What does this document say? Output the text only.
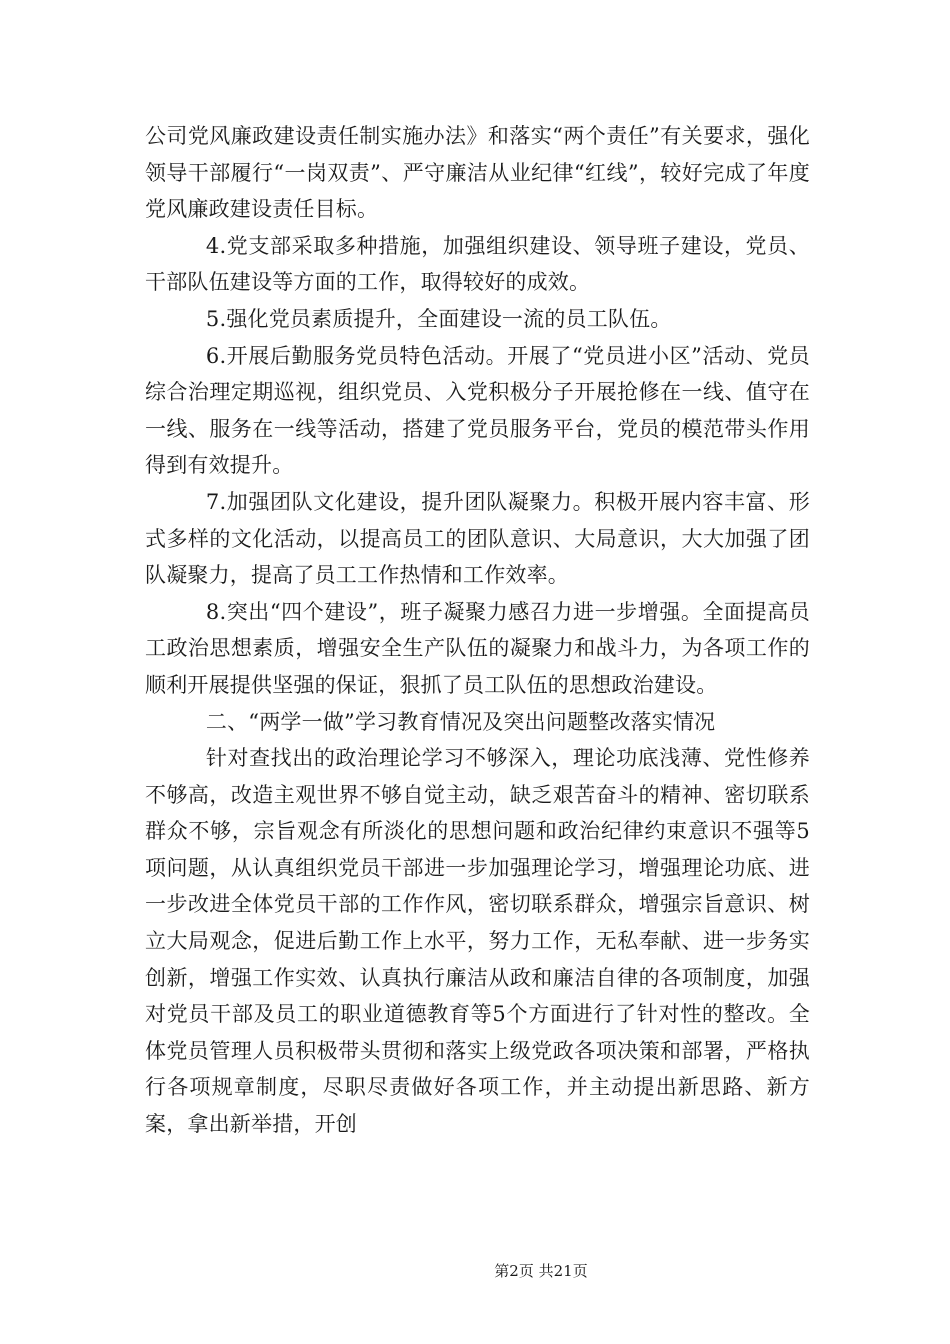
公司党风廉政建设责任制实施办法》和落实“两个责任”有关要求，强化领导干部履行“一岗双责”、严守廉洁从业纪律“红线”，较好完成了年度党风廉政建设责任目标。

4.党支部采取多种措施，加强组织建设、领导班子建设，党员、干部队伍建设等方面的工作，取得较好的成效。

5.强化党员素质提升，全面建设一流的员工队伍。

6.开展后勤服务党员特色活动。开展了“党员进小区”活动、党员综合治理定期巡视，组织党员、入党积极分子开展抢修在一线、值守在一线、服务在一线等活动，搭建了党员服务平台，党员的模范带头作用得到有效提升。

7.加强团队文化建设，提升团队凝聚力。积极开展内容丰富、形式多样的文化活动，以提高员工的团队意识、大局意识，大大加强了团队凝聚力，提高了员工工作热情和工作效率。

8.突出“四个建设”，班子凝聚力感召力进一步增强。全面提高员工政治思想素质，增强安全生产队伍的凝聚力和战斗力，为各项工作的顺利开展提供坚强的保证，狠抓了员工队伍的思想政治建设。

二、“两学一做”学习教育情况及突出问题整改落实情况

针对查找出的政治理论学习不够深入，理论功底浅薄、党性修养不够高，改造主观世界不够自觉主动，缺乏艰苦奋斗的精神、密切联系群众不够，宗旨观念有所淡化的思想问题和政治纪律约束意识不强等5项问题，从认真组织党员干部进一步加强理论学习，增强理论功底、进一步改进全体党员干部的工作作风，密切联系群众，增强宗旨意识、树立大局观念，促进后勤工作上水平，努力工作，无私奉献、进一步务实创新，增强工作实效、认真执行廉洁从政和廉洁自律的各项制度，加强对党员干部及员工的职业道德教育等5个方面进行了针对性的整改。全体党员管理人员积极带头贯彻和落实上级党政各项决策和部署，严格执行各项规章制度，尽职尽责做好各项工作，并主动提出新思路、新方案，拿出新举措，开创

第2页 共21页
